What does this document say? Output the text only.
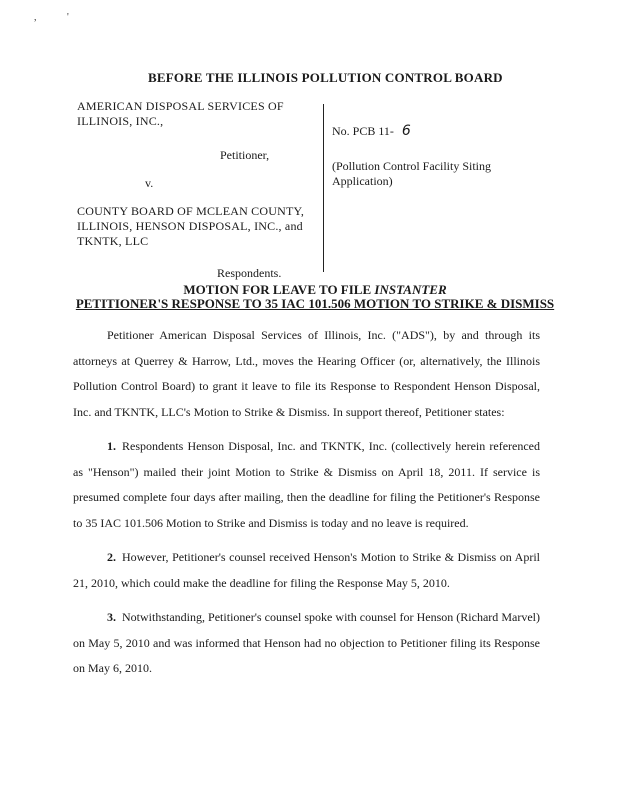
, '
BEFORE THE ILLINOIS POLLUTION CONTROL BOARD
AMERICAN DISPOSAL SERVICES OF
ILLINOIS, INC.,
Petitioner,
v.
COUNTY BOARD OF MCLEAN COUNTY,
ILLINOIS, HENSON DISPOSAL, INC., and
TKNTK, LLC
Respondents.
No. PCB 11- 6
(Pollution Control Facility Siting
Application)
MOTION FOR LEAVE TO FILE INSTANTER
PETITIONER'S RESPONSE TO 35 IAC 101.506 MOTION TO STRIKE & DISMISS

Petitioner American Disposal Services of Illinois, Inc. ("ADS"), by and through its attorneys at Querrey & Harrow, Ltd., moves the Hearing Officer (or, alternatively, the Illinois Pollution Control Board) to grant it leave to file its Response to Respondent Henson Disposal, Inc. and TKNTK, LLC's Motion to Strike & Dismiss. In support thereof, Petitioner states:

1. Respondents Henson Disposal, Inc. and TKNTK, Inc. (collectively herein referenced as "Henson") mailed their joint Motion to Strike & Dismiss on April 18, 2011. If service is presumed complete four days after mailing, then the deadline for filing the Petitioner's Response to 35 IAC 101.506 Motion to Strike and Dismiss is today and no leave is required.

2. However, Petitioner's counsel received Henson's Motion to Strike & Dismiss on April 21, 2010, which could make the deadline for filing the Response May 5, 2010.

3. Notwithstanding, Petitioner's counsel spoke with counsel for Henson (Richard Marvel) on May 5, 2010 and was informed that Henson had no objection to Petitioner filing its Response on May 6, 2010.
